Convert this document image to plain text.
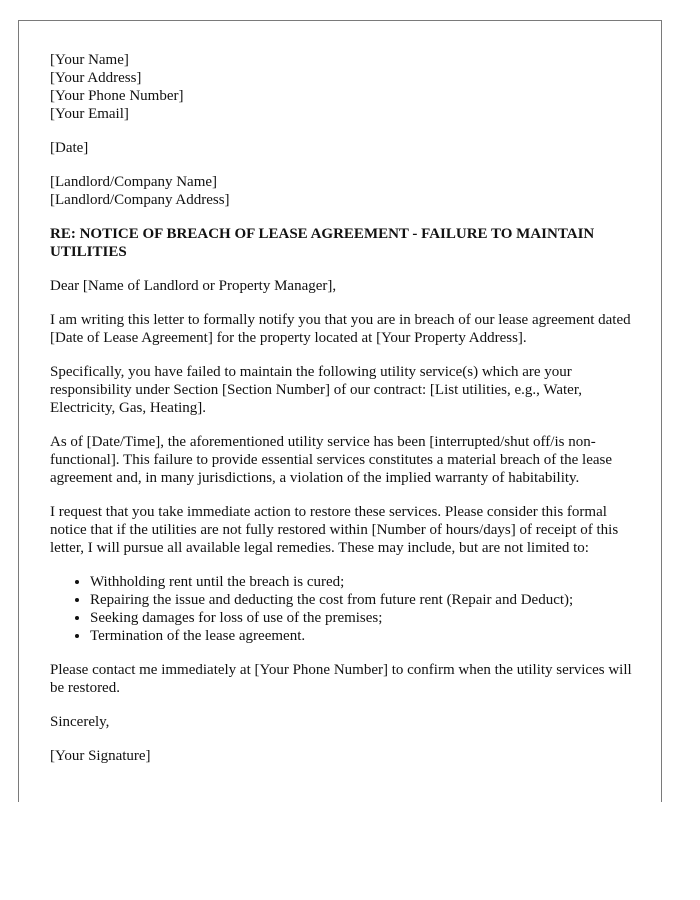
[Your Name]
[Your Address]
[Your Phone Number]
[Your Email]
[Date]
[Landlord/Company Name]
[Landlord/Company Address]
RE: NOTICE OF BREACH OF LEASE AGREEMENT - FAILURE TO MAINTAIN UTILITIES

Dear [Name of Landlord or Property Manager],

I am writing this letter to formally notify you that you are in breach of our lease agreement dated [Date of Lease Agreement] for the property located at [Your Property Address].

Specifically, you have failed to maintain the following utility service(s) which are your responsibility under Section [Section Number] of our contract: [List utilities, e.g., Water, Electricity, Gas, Heating].

As of [Date/Time], the aforementioned utility service has been [interrupted/shut off/is non-functional]. This failure to provide essential services constitutes a material breach of the lease agreement and, in many jurisdictions, a violation of the implied warranty of habitability.

I request that you take immediate action to restore these services. Please consider this formal notice that if the utilities are not fully restored within [Number of hours/days] of receipt of this letter, I will pursue all available legal remedies. These may include, but are not limited to:

• Withholding rent until the breach is cured;
• Repairing the issue and deducting the cost from future rent (Repair and Deduct);
• Seeking damages for loss of use of the premises;
• Termination of the lease agreement.

Please contact me immediately at [Your Phone Number] to confirm when the utility services will be restored.

Sincerely,

[Your Signature]
